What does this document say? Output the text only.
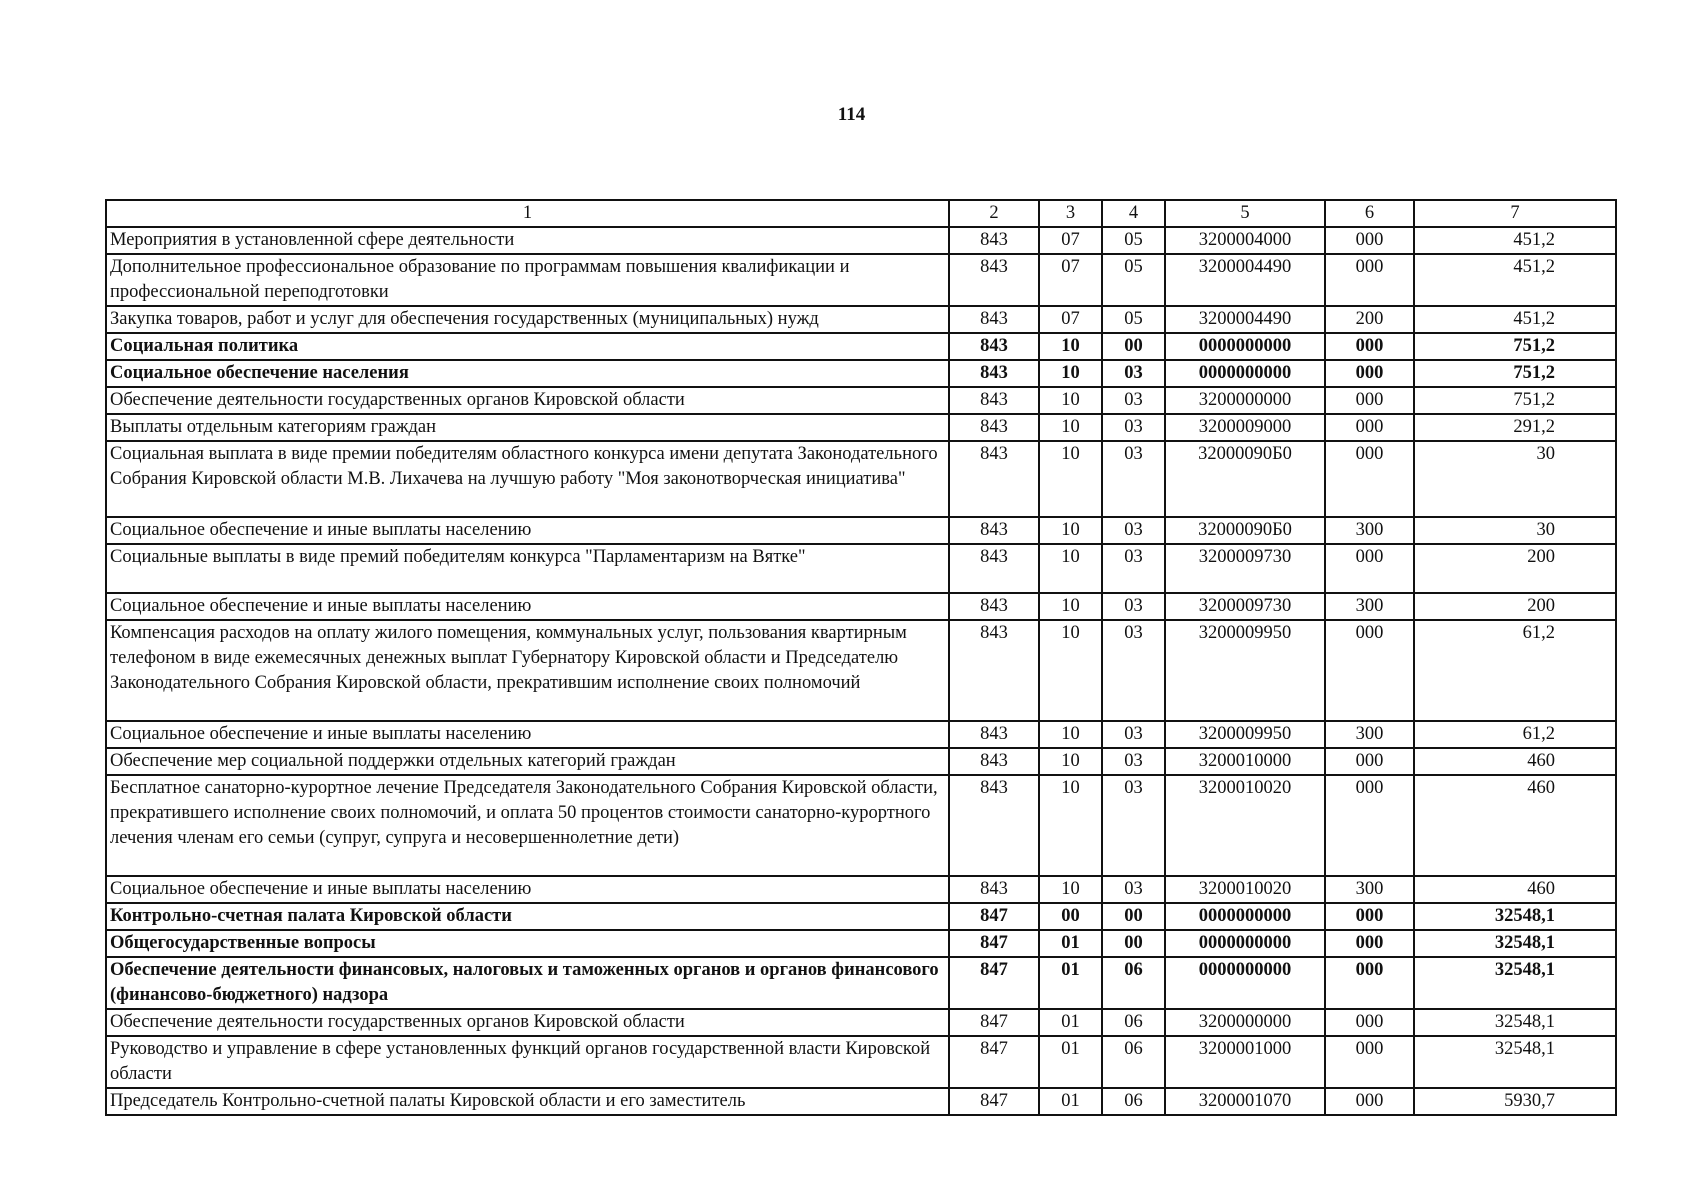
114
1	2	3	4	5	6	7
Мероприятия в установленной сфере деятельности	843	07	05	3200004000	000	451,2
Дополнительное профессиональное образование по программам повышения квалификации и профессиональной переподготовки	843	07	05	3200004490	000	451,2
Закупка товаров, работ и услуг для обеспечения государственных (муниципальных) нужд	843	07	05	3200004490	200	451,2
Социальная политика	843	10	00	0000000000	000	751,2
Социальное обеспечение населения	843	10	03	0000000000	000	751,2
Обеспечение деятельности государственных органов Кировской области	843	10	03	3200000000	000	751,2
Выплаты отдельным категориям граждан	843	10	03	3200009000	000	291,2
Социальная выплата в виде премии победителям областного конкурса имени депутата Законодательного Собрания Кировской области М.В. Лихачева на лучшую работу "Моя законотворческая инициатива"	843	10	03	32000090Б0	000	30
Социальное обеспечение и иные выплаты населению	843	10	03	32000090Б0	300	30
Социальные выплаты в виде премий победителям конкурса "Парламентаризм на Вятке"	843	10	03	3200009730	000	200
Социальное обеспечение и иные выплаты населению	843	10	03	3200009730	300	200
Компенсация расходов на оплату жилого помещения, коммунальных услуг, пользования квартирным телефоном в виде ежемесячных денежных выплат Губернатору Кировской области и Председателю Законодательного Собрания Кировской области, прекратившим исполнение своих полномочий	843	10	03	3200009950	000	61,2
Социальное обеспечение и иные выплаты населению	843	10	03	3200009950	300	61,2
Обеспечение мер социальной поддержки отдельных категорий граждан	843	10	03	3200010000	000	460
Бесплатное санаторно-курортное лечение Председателя Законодательного Собрания Кировской области, прекратившего исполнение своих полномочий, и оплата 50 процентов стоимости санаторно-курортного лечения членам его семьи (супруг, супруга и несовершеннолетние дети)	843	10	03	3200010020	000	460
Социальное обеспечение и иные выплаты населению	843	10	03	3200010020	300	460
Контрольно-счетная палата Кировской области	847	00	00	0000000000	000	32548,1
Общегосударственные вопросы	847	01	00	0000000000	000	32548,1
Обеспечение деятельности финансовых, налоговых и таможенных органов и органов финансового (финансово-бюджетного) надзора	847	01	06	0000000000	000	32548,1
Обеспечение деятельности государственных органов Кировской области	847	01	06	3200000000	000	32548,1
Руководство и управление в сфере установленных функций органов государственной власти Кировской области	847	01	06	3200001000	000	32548,1
Председатель Контрольно-счетной палаты Кировской области и его заместитель	847	01	06	3200001070	000	5930,7
